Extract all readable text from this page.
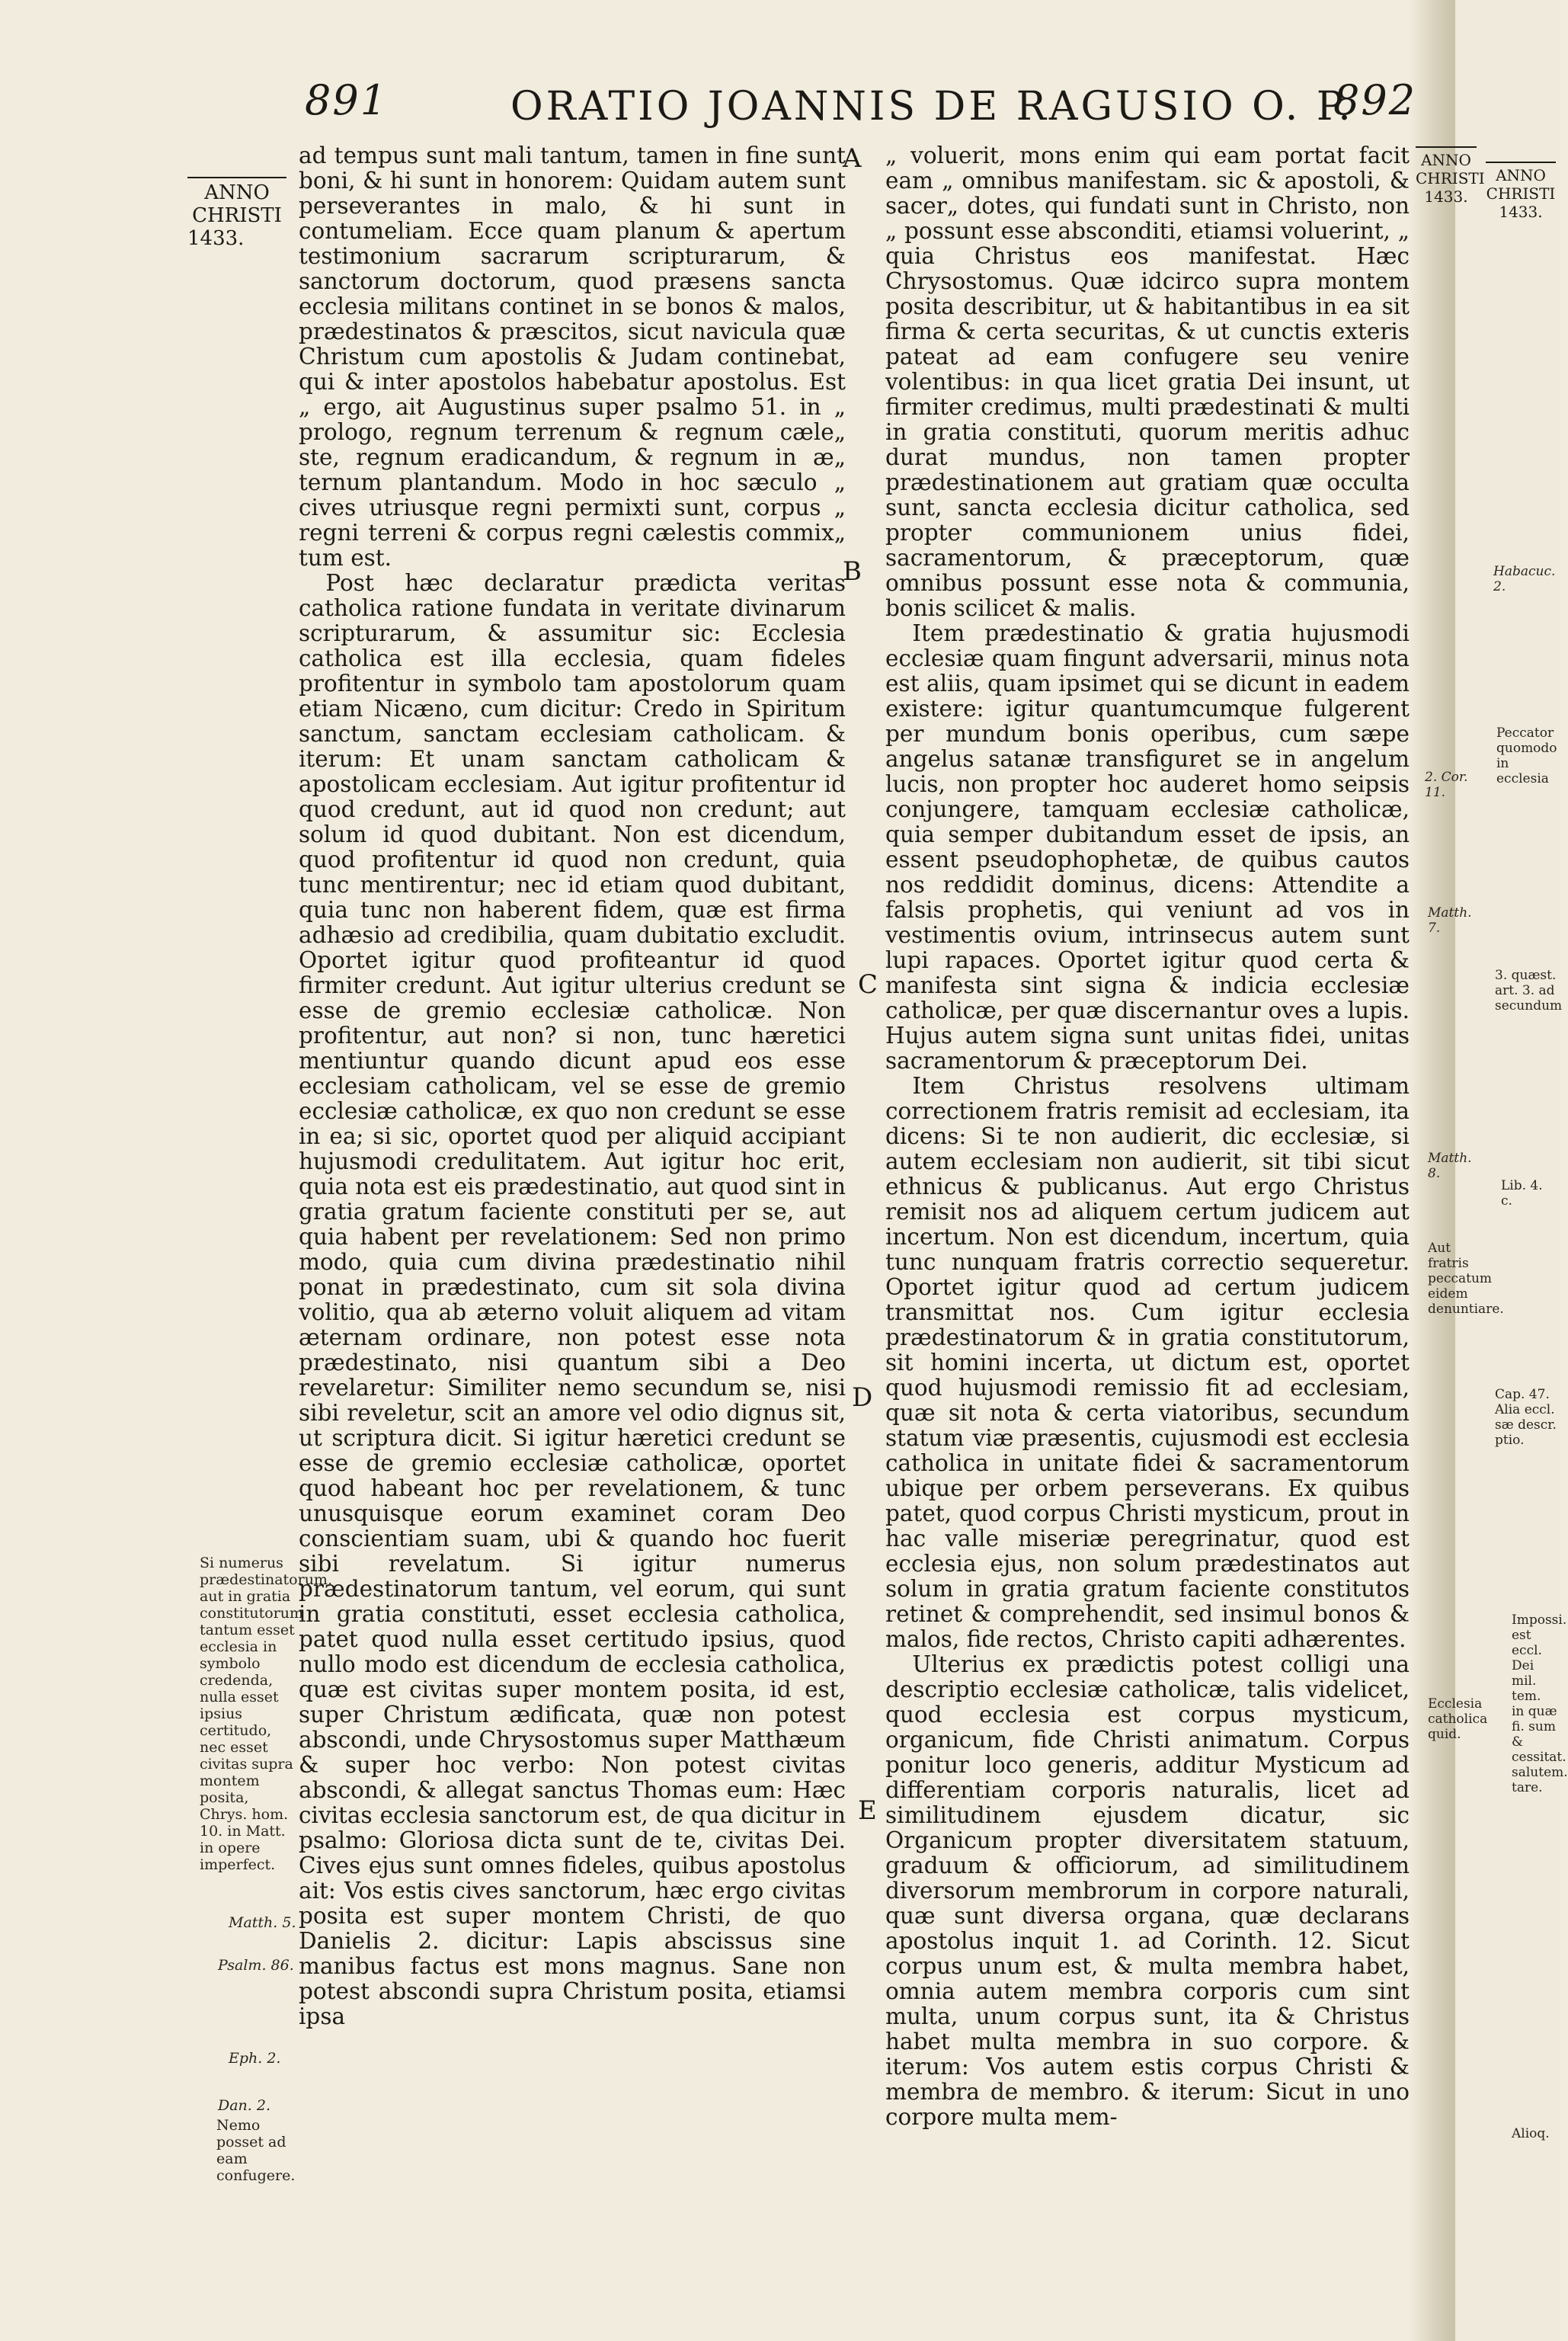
891	ORATIO JOANNIS DE RAGUSIO O. P.
892
ANNO
CHRISTI
1433.
ANNO
CHRISTI
1433.
ANNO
CHRISTI
1433.

ad tempus sunt mali tantum, tamen in fine sunt boni, & hi sunt in honorem: Quidam autem sunt perseverantes in malo, & hi sunt in contumeliam. Ecce quam planum & apertum testimonium sacrarum scripturarum, & sanctorum doctorum, quod præsens sancta ecclesia militans continet in se bonos & malos, prædestinatos & præscitos, sicut navicula quæ Christum cum apostolis & Judam continebat, qui & inter apostolos habebatur apostolus. Est „ ergo, ait Augustinus super psalmo 51. in „ prologo, regnum terrenum & regnum cæle„ ste, regnum eradicandum, & regnum in æ„ ternum plantandum. Modo in hoc sæculo „ cives utriusque regni permixti sunt, corpus „ regni terreni & corpus regni cælestis commix„ tum est.

Post hæc declaratur prædicta veritas catholica ratione fundata in veritate divinarum scripturarum, & assumitur sic: Ecclesia catholica est illa ecclesia, quam fideles profitentur in symbolo tam apostolorum quam etiam Nicæno, cum dicitur: Credo in Spiritum sanctum, sanctam ecclesiam catholicam. & iterum: Et unam sanctam catholicam & apostolicam ecclesiam. Aut igitur profitentur id quod credunt, aut id quod non credunt; aut solum id quod dubitant. Non est dicendum, quod profitentur id quod non credunt, quia tunc mentirentur; nec id etiam quod dubitant, quia tunc non haberent fidem, quæ est firma adhæsio ad credibilia, quam dubitatio excludit. Oportet igitur quod profiteantur id quod firmiter credunt. Aut igitur ulterius credunt se esse de gremio ecclesiæ catholicæ. Non profitentur, aut non? si non, tunc hæretici mentiuntur quando dicunt apud eos esse ecclesiam catholicam, vel se esse de gremio ecclesiæ catholicæ, ex quo non credunt se esse in ea; si sic, oportet quod per aliquid accipiant hujusmodi credulitatem. Aut igitur hoc erit, quia nota est eis prædestinatio, aut quod sint in gratia gratum faciente constituti per se, aut quia habent per revelationem: Sed non primo modo, quia cum divina prædestinatio nihil ponat in prædestinato, cum sit sola divina volitio, qua ab æterno voluit aliquem ad vitam æternam ordinare, non potest esse nota prædestinato, nisi quantum sibi a Deo revelaretur: Similiter nemo secundum se, nisi sibi reveletur, scit an amore vel odio dignus sit, ut scriptura dicit. Si igitur hæretici credunt se esse de gremio ecclesiæ catholicæ, oportet quod habeant hoc per revelationem, & tunc unusquisque eorum examinet coram Deo conscientiam suam, ubi & quando hoc fuerit sibi revelatum. Si igitur numerus prædestinatorum tantum, vel eorum, qui sunt in gratia constituti, esset ecclesia catholica, patet quod nulla esset certitudo ipsius, quod nullo modo est dicendum de ecclesia catholica, quæ est civitas super montem posita, id est, super Christum ædificata, quæ non potest abscondi, unde Chrysostomus super Matthæum & super hoc verbo: Non potest civitas abscondi, & allegat sanctus Thomas eum: Hæc civitas ecclesia sanctorum est, de qua dicitur in psalmo: Gloriosa dicta sunt de te, civitas Dei. Cives ejus sunt omnes fideles, quibus apostolus ait: Vos estis cives sanctorum, hæc ergo civitas posita est super montem Christi, de quo Danielis 2. dicitur: Lapis abscissus sine manibus factus est mons magnus. Sane non potest abscondi supra Christum posita, etiamsi ipsa

„ voluerit, mons enim qui eam portat facit eam „ omnibus manifestam. sic & apostoli, & sacer„ dotes, qui fundati sunt in Christo, non „ possunt esse absconditi, etiamsi voluerint, „ quia Christus eos manifestat. Hæc Chrysostomus. Quæ idcirco supra montem posita describitur, ut & habitantibus in ea sit firma & certa securitas, & ut cunctis exteris pateat ad eam confugere seu venire volentibus: in qua licet gratia Dei insunt, ut firmiter credimus, multi prædestinati & multi in gratia constituti, quorum meritis adhuc durat mundus, non tamen propter prædestinationem aut gratiam quæ occulta sunt, sancta ecclesia dicitur catholica, sed propter communionem unius fidei, sacramentorum, & præceptorum, quæ omnibus possunt esse nota & communia, bonis scilicet & malis.

Item prædestinatio & gratia hujusmodi ecclesiæ quam fingunt adversarii, minus nota est aliis, quam ipsimet qui se dicunt in eadem existere: igitur quantumcumque fulgerent per mundum bonis operibus, cum sæpe angelus satanæ transfiguret se in angelum lucis, non propter hoc auderet homo seipsis conjungere, tamquam ecclesiæ catholicæ, quia semper dubitandum esset de ipsis, an essent pseudophophetæ, de quibus cautos nos reddidit dominus, dicens: Attendite a falsis prophetis, qui veniunt ad vos in vestimentis ovium, intrinsecus autem sunt lupi rapaces. Oportet igitur quod certa & manifesta sint signa & indicia ecclesiæ catholicæ, per quæ discernantur oves a lupis. Hujus autem signa sunt unitas fidei, unitas sacramentorum & præceptorum Dei.

Item Christus resolvens ultimam correctionem fratris remisit ad ecclesiam, ita dicens: Si te non audierit, dic ecclesiæ, si autem ecclesiam non audierit, sit tibi sicut ethnicus & publicanus. Aut ergo Christus remisit nos ad aliquem certum judicem aut incertum. Non est dicendum, incertum, quia tunc nunquam fratris correctio sequeretur. Oportet igitur quod ad certum judicem transmittat nos. Cum igitur ecclesia prædestinatorum & in gratia constitutorum, sit homini incerta, ut dictum est, oportet quod hujusmodi remissio fit ad ecclesiam, quæ sit nota & certa viatoribus, secundum statum viæ præsentis, cujusmodi est ecclesia catholica in unitate fidei & sacramentorum ubique per orbem perseverans. Ex quibus patet, quod corpus Christi mysticum, prout in hac valle miseriæ peregrinatur, quod est ecclesia ejus, non solum prædestinatos aut solum in gratia gratum faciente constitutos retinet & comprehendit, sed insimul bonos & malos, fide rectos, Christo capiti adhærentes.

Ulterius ex prædictis potest colligi una descriptio ecclesiæ catholicæ, talis videlicet, quod ecclesia est corpus mysticum, organicum, fide Christi animatum. Corpus ponitur loco generis, additur Mysticum ad differentiam corporis naturalis, licet ad similitudinem ejusdem dicatur, sic Organicum propter diversitatem statuum, graduum & officiorum, ad similitudinem diversorum membrorum in corpore naturali, quæ sunt diversa organa, quæ declarans apostolus inquit 1. ad Corinth. 12. Sicut corpus unum est, & multa membra habet, omnia autem membra corporis cum sint multa, unum corpus sunt, ita & Christus habet multa membra in suo corpore. & iterum: Vos autem estis corpus Christi & membra de membro. & iterum: Sicut in uno corpore multa mem-

A
B
C
D
E
Si numerus prædestinatorum, aut in gratia constitutorum tantum esset ecclesia in symbolo credenda, nulla esset ipsius certitudo, nec esset civitas supra montem posita, Chrys. hom. 10. in Matt. in opere imperfect.
Matth. 5.
Psalm. 86.
Eph. 2.
Dan. 2.
Nemo posset ad eam confugere.
Habacuc. 2.
Peccator quomodo in ecclesia
2. Cor. 11.
Matth. 7.
3. quæst. art. 3. ad secundum
Matth. 8.
Lib. 4. c.
Aut fratris peccatum eidem denuntiare.
Cap. 47. Alia eccl. sæ descr. ptio.
Impossi. est eccl. Dei mil. tem. in quæ fi. sum & cessitat. salutem. tare.
Ecclesia catholica quid.
Alioq.
